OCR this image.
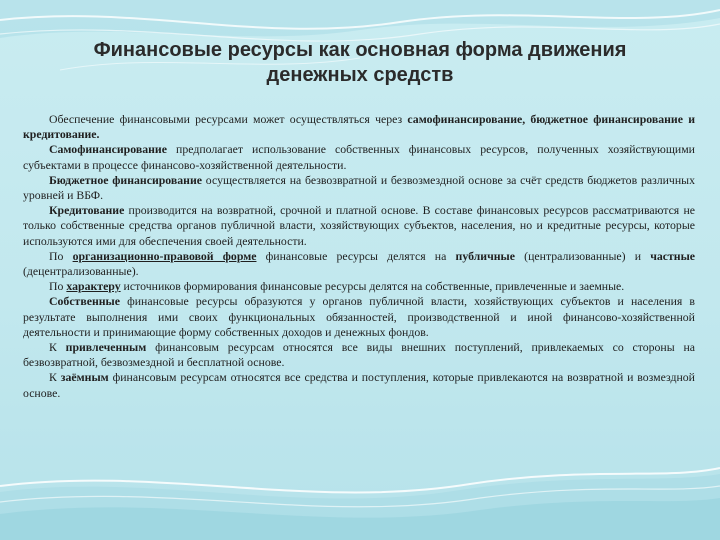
Финансовые ресурсы как основная форма движения
денежных средств

Обеспечение финансовыми ресурсами может осуществляться через самофинансирование, бюджетное финансирование и кредитование.

Самофинансирование предполагает использование собственных финансовых ресурсов, полученных хозяйствующими субъектами в процессе финансово-хозяйственной деятельности.

Бюджетное финансирование осуществляется на безвозвратной и безвозмездной основе за счёт средств бюджетов различных уровней и ВБФ.

Кредитование производится на возвратной, срочной и платной основе. В составе финансовых ресурсов рассматриваются не только собственные средства органов публичной власти, хозяйствующих субъектов, населения, но и кредитные ресурсы, которые используются ими для обеспечения своей деятельности.

По организационно-правовой форме финансовые ресурсы делятся на публичные (централизованные) и частные (децентрализованные).

По характеру источников формирования финансовые ресурсы делятся на собственные, привлеченные и заемные.

Собственные финансовые ресурсы образуются у органов публичной власти, хозяйствующих субъектов и населения в результате выполнения ими своих функциональных обязанностей, производственной и иной финансово-хозяйственной деятельности и принимающие форму собственных доходов и денежных фондов.

К привлеченным финансовым ресурсам относятся все виды внешних поступлений, привлекаемых со стороны на безвозвратной, безвозмездной и бесплатной основе.

К заёмным финансовым ресурсам относятся все средства и поступления, которые привлекаются на возвратной и возмездной основе.
